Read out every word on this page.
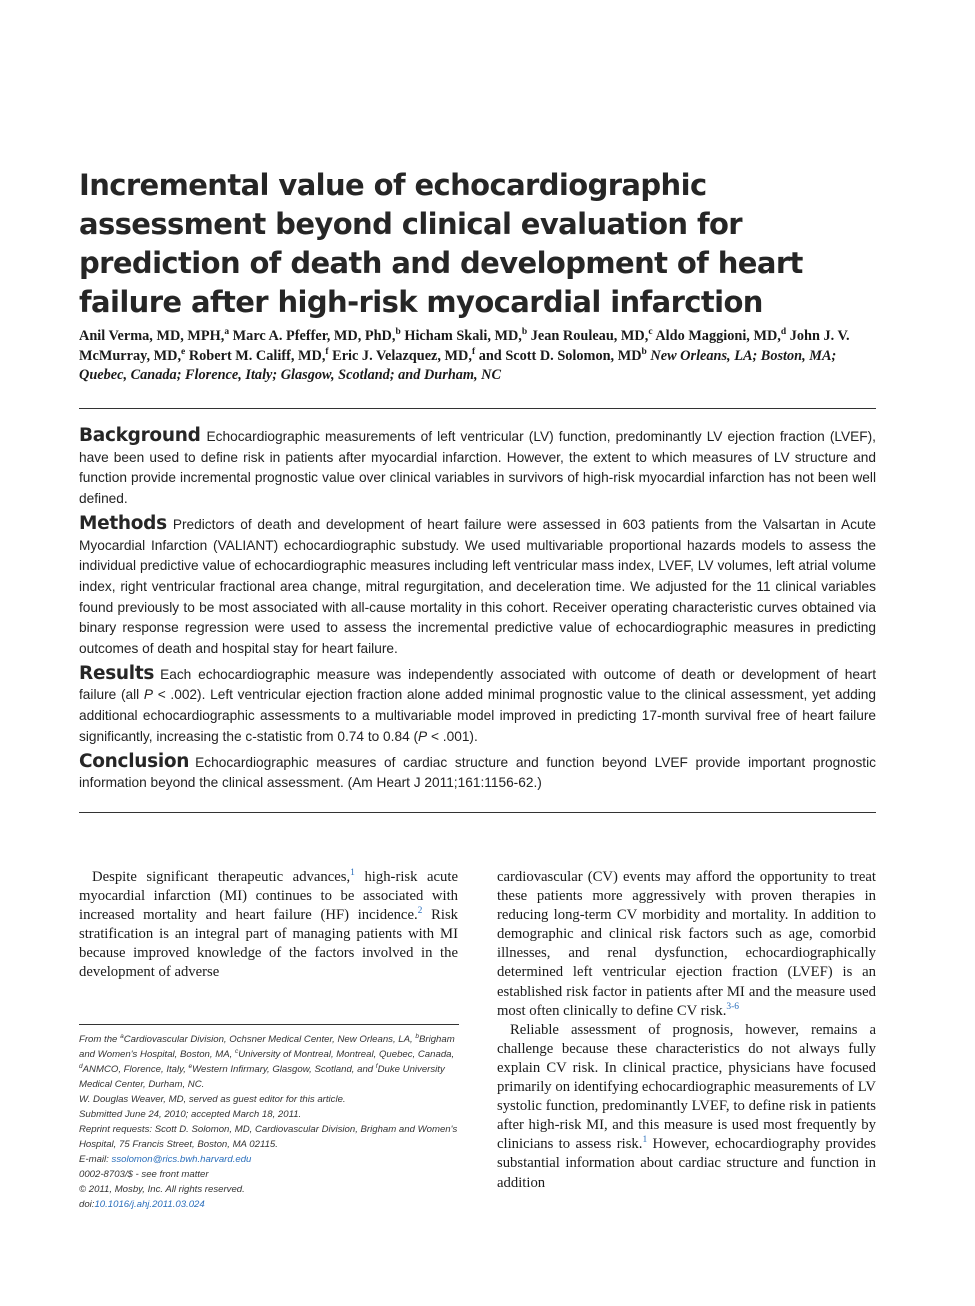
Incremental value of echocardiographic assessment beyond clinical evaluation for prediction of death and development of heart failure after high-risk myocardial infarction
Anil Verma, MD, MPH,$^a$ Marc A. Pfeffer, MD, PhD,$^b$ Hicham Skali, MD,$^b$ Jean Rouleau, MD,$^c$ Aldo Maggioni, MD,$^d$ John J. V. McMurray, MD,$^e$ Robert M. Califf, MD,$^f$ Eric J. Velazquez, MD,$^f$ and Scott D. Solomon, $MD^b$ New Orleans, LA; Boston, MA; Quebec, Canada; Florence, Italy; Glasgow, Scotland; and Durham, NC

Background Echocardiographic measurements of left ventricular (LV) function, predominantly LV ejection fraction (LVEF), have been used to define risk in patients after myocardial infarction. However, the extent to which measures of LV structure and function provide incremental prognostic value over clinical variables in survivors of high-risk myocardial infarction has not been well defined.

Methods Predictors of death and development of heart failure were assessed in 603 patients from the Valsartan in Acute Myocardial Infarction (VALIANT) echocardiographic substudy. We used multivariable proportional hazards models to assess the individual predictive value of echocardiographic measures including left ventricular mass index, LVEF, LV volumes, left atrial volume index, right ventricular fractional area change, mitral regurgitation, and deceleration time. We adjusted for the 11 clinical variables found previously to be most associated with all-cause mortality in this cohort. Receiver operating characteristic curves obtained via binary response regression were used to assess the incremental predictive value of echocardiographic measures in predicting outcomes of death and hospital stay for heart failure.

Results Each echocardiographic measure was independently associated with outcome of death or development of heart failure (all P < .002). Left ventricular ejection fraction alone added minimal prognostic value to the clinical assessment, yet adding additional echocardiographic assessments to a multivariable model improved in predicting 17-month survival free of heart failure significantly, increasing the c-statistic from 0.74 to 0.84 (P < .001).

Conclusion Echocardiographic measures of cardiac structure and function beyond LVEF provide important prognostic information beyond the clinical assessment. (Am Heart J 2011;161:1156-62.)

Despite significant therapeutic advances,$^1$ high-risk acute myocardial infarction (MI) continues to be associated with increased mortality and heart failure (HF) incidence.$^2$ Risk stratification is an integral part of managing patients with MI because improved knowledge of the factors involved in the development of adverse

From the $^a$Cardiovascular Division, Ochsner Medical Center, New Orleans, LA, $^b$Brigham and Women's Hospital, Boston, MA, $^c$University of Montreal, Montreal, Quebec, Canada, $^d$ANMCO, Florence, Italy, $^e$Western Infirmary, Glasgow, Scotland, and $^f$Duke University Medical Center, Durham, NC.
W. Douglas Weaver, MD, served as guest editor for this article.
Submitted June 24, 2010; accepted March 18, 2011.
Reprint requests: Scott D. Solomon, MD, Cardiovascular Division, Brigham and Women's Hospital, 75 Francis Street, Boston, MA 02115.
E-mail: ssolomon@rics.bwh.harvard.edu
0002-8703/$ - see front matter
© 2011, Mosby, Inc. All rights reserved.
doi:10.1016/j.ahj.2011.03.024

cardiovascular (CV) events may afford the opportunity to treat these patients more aggressively with proven therapies in reducing long-term CV morbidity and mortality. In addition to demographic and clinical risk factors such as age, comorbid illnesses, and renal dysfunction, echocardiographically determined left ventricular ejection fraction (LVEF) is an established risk factor in patients after MI and the measure used most often clinically to define CV risk.$^{3-6}$

Reliable assessment of prognosis, however, remains a challenge because these characteristics do not always fully explain CV risk. In clinical practice, physicians have focused primarily on identifying echocardiographic measurements of LV systolic function, predominantly LVEF, to define risk in patients after high-risk MI, and this measure is used most frequently by clinicians to assess risk.$^1$ However, echocardiography provides substantial information about cardiac structure and function in addition
